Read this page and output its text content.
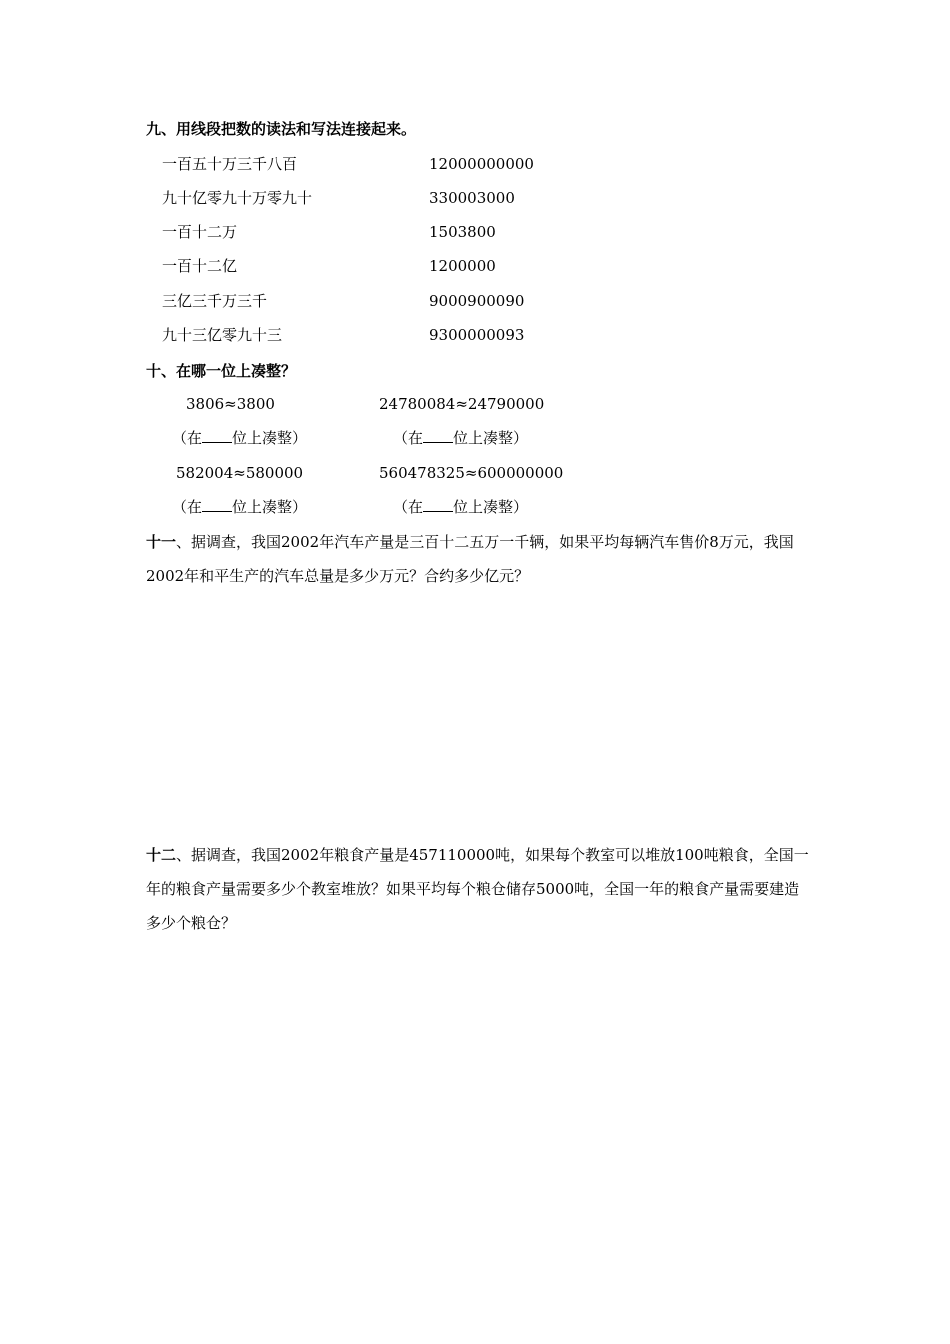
九、用线段把数的读法和写法连接起来。
一百五十万三千八百	12000000000
九十亿零九十万零九十	330003000
一百十二万	1503800
一百十二亿	1200000
三亿三千万三千	9000900090
九十三亿零九十三	9300000093
十、在哪一位上凑整？
3806≈3800	24780084≈24790000
（在 位上凑整）	（在 位上凑整）
582004≈580000	560478325≈600000000
（在 位上凑整）	（在 位上凑整）
十一、据调查，我国2002年汽车产量是三百十二五万一千辆，如果平均每辆汽车售价8万元，我国2002年和平生产的汽车总量是多少万元？合约多少亿元？
十二、据调查，我国2002年粮食产量是457110000吨，如果每个教室可以堆放100吨粮食，全国一年的粮食产量需要多少个教室堆放？如果平均每个粮仓储存5000吨，全国一年的粮食产量需要建造多少个粮仓？
